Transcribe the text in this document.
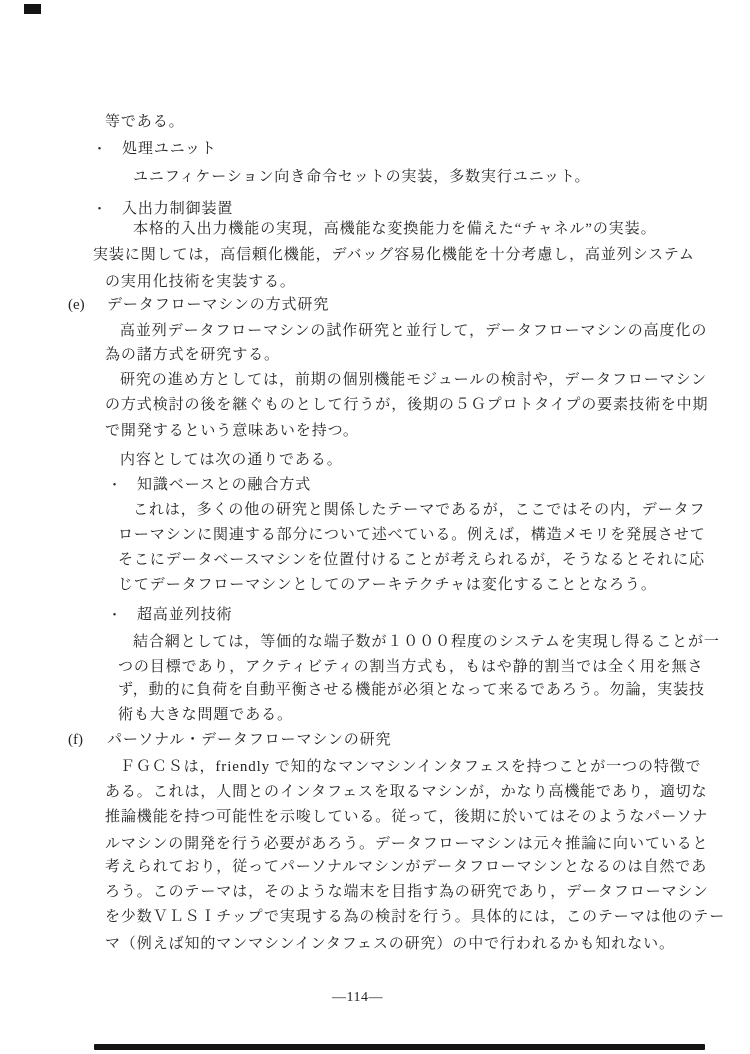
等である。
・ 処理ユニット
ユニフィケーション向き命令セットの実装，多数実行ユニット。
・ 入出力制御装置
本格的入出力機能の実現，高機能な変換能力を備えた“チャネル”の実装。
実装に関しては，高信頼化機能，デバッグ容易化機能を十分考慮し，高並列システム
の実用化技術を実装する。
(e) データフローマシンの方式研究
高並列データフローマシンの試作研究と並行して，データフローマシンの高度化の
為の諸方式を研究する。
研究の進め方としては，前期の個別機能モジュールの検討や，データフローマシン
の方式検討の後を継ぐものとして行うが，後期の５Ｇプロトタイプの要素技術を中期
で開発するという意味あいを持つ。
内容としては次の通りである。
・ 知識ベースとの融合方式
これは，多くの他の研究と関係したテーマであるが，ここではその内，データフ
ローマシンに関連する部分について述べている。例えば，構造メモリを発展させて
そこにデータベースマシンを位置付けることが考えられるが，そうなるとそれに応
じてデータフローマシンとしてのアーキテクチャは変化することとなろう。
・ 超高並列技術
結合網としては，等価的な端子数が１０００程度のシステムを実現し得ることが一
つの目標であり，アクティビティの割当方式も，もはや静的割当では全く用を無さ
ず，動的に負荷を自動平衡させる機能が必須となって来るであろう。勿論，実装技
術も大きな問題である。
(f) パーソナル・データフローマシンの研究
ＦＧＣＳは，friendly で知的なマンマシンインタフェスを持つことが一つの特徴で
ある。これは，人間とのインタフェスを取るマシンが，かなり高機能であり，適切な
推論機能を持つ可能性を示唆している。従って，後期に於いてはそのようなパーソナ
ルマシンの開発を行う必要があろう。データフローマシンは元々推論に向いていると
考えられており，従ってパーソナルマシンがデータフローマシンとなるのは自然であ
ろう。このテーマは，そのような端末を目指す為の研究であり，データフローマシン
を少数ＶＬＳＩチップで実現する為の検討を行う。具体的には，このテーマは他のテー
マ（例えば知的マンマシンインタフェスの研究）の中で行われるかも知れない。
—114—
